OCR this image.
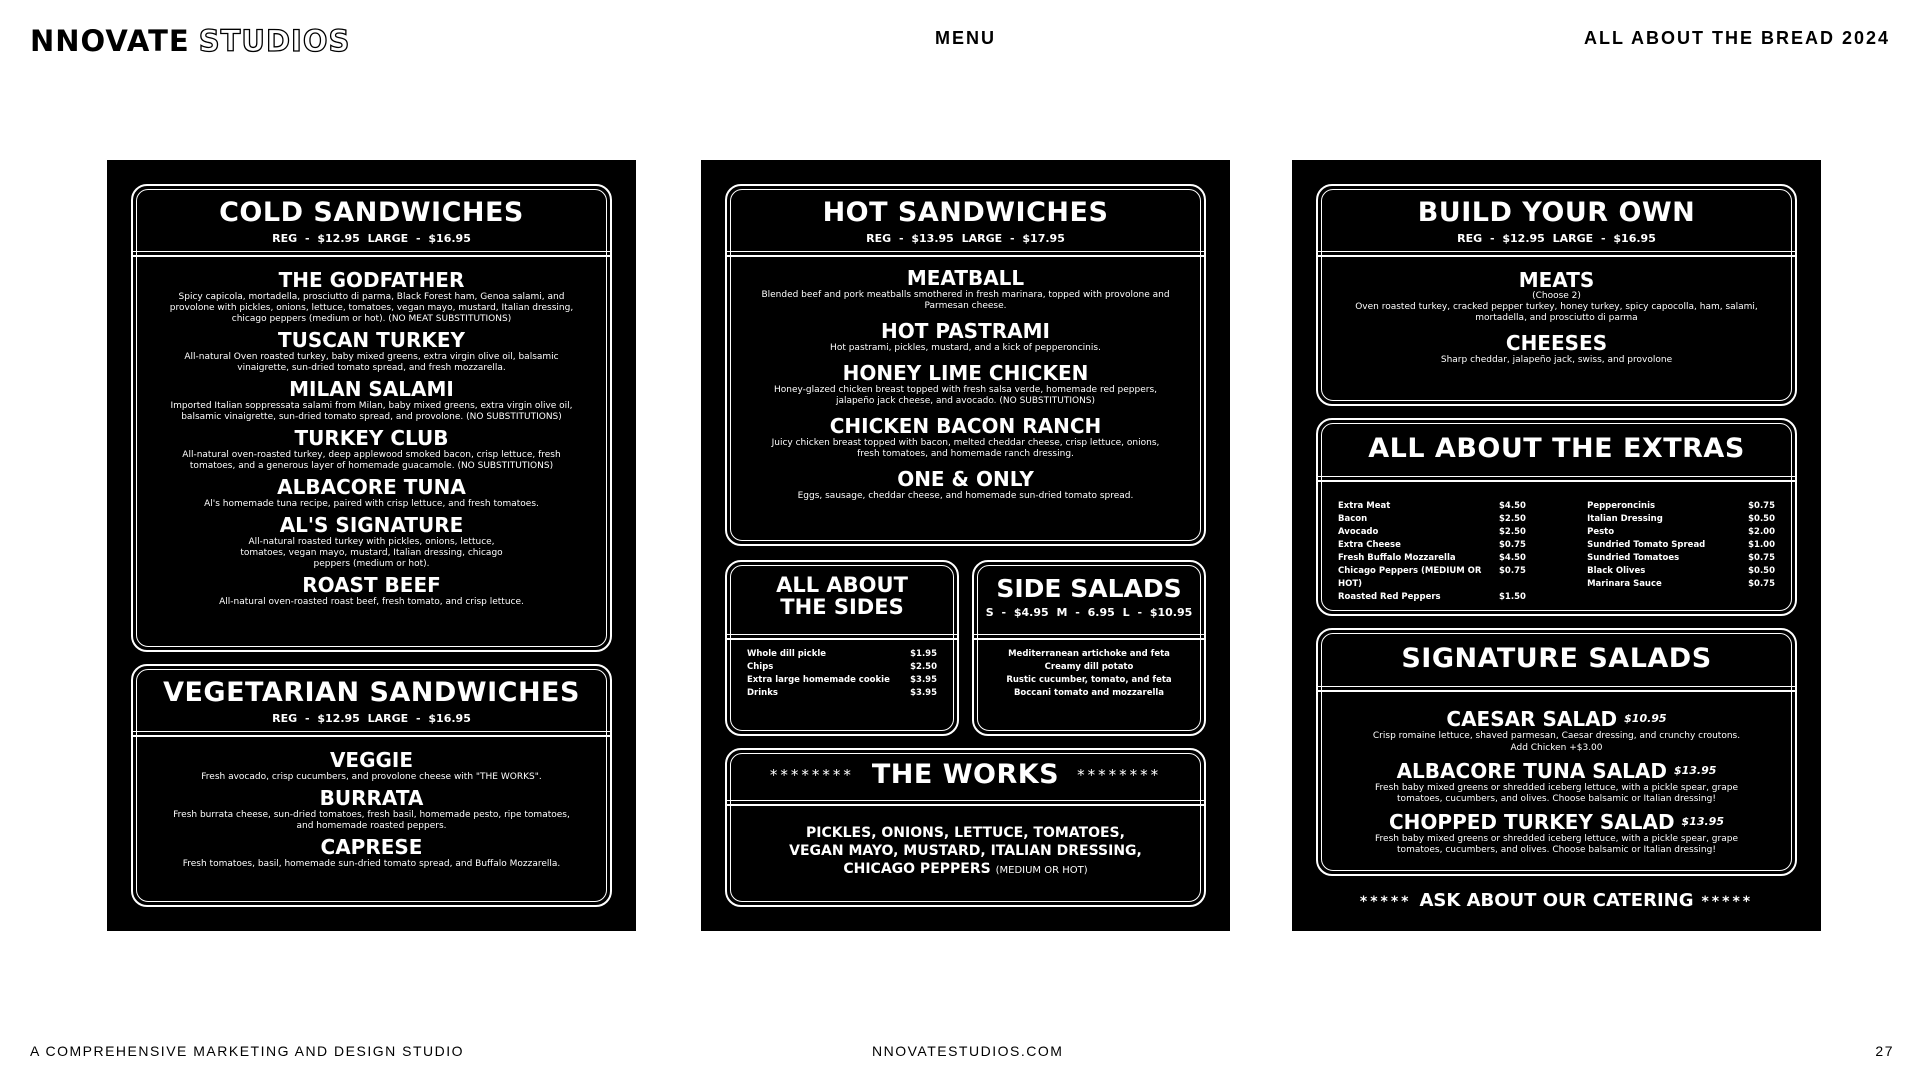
NNOVATE STUDIOS	MENU	ALL ABOUT THE BREAD 2024
COLD SANDWICHES
REG - $12.95 LARGE - $16.95
THE GODFATHER
Spicy capicola, mortadella, prosciutto di parma, Black Forest ham, Genoa salami, and provolone with pickles, onions, lettuce, tomatoes, vegan mayo, mustard, Italian dressing, chicago peppers (medium or hot). (NO MEAT SUBSTITUTIONS)
TUSCAN TURKEY
All-natural Oven roasted turkey, baby mixed greens, extra virgin olive oil, balsamic vinaigrette, sun-dried tomato spread, and fresh mozzarella.
MILAN SALAMI
Imported Italian soppressata salami from Milan, baby mixed greens, extra virgin olive oil, balsamic vinaigrette, sun-dried tomato spread, and provolone. (NO SUBSTITUTIONS)
TURKEY CLUB
All-natural oven-roasted turkey, deep applewood smoked bacon, crisp lettuce, fresh tomatoes, and a generous layer of homemade guacamole. (NO SUBSTITUTIONS)
ALBACORE TUNA
Al's homemade tuna recipe, paired with crisp lettuce, and fresh tomatoes.
AL'S SIGNATURE
All-natural roasted turkey with pickles, onions, lettuce, tomatoes, vegan mayo, mustard, Italian dressing, chicago peppers (medium or hot).
ROAST BEEF
All-natural oven-roasted roast beef, fresh tomato, and crisp lettuce.
VEGETARIAN SANDWICHES
REG - $12.95 LARGE - $16.95
VEGGIE
Fresh avocado, crisp cucumbers, and provolone cheese with "THE WORKS".
BURRATA
Fresh burrata cheese, sun-dried tomatoes, fresh basil, homemade pesto, ripe tomatoes, and homemade roasted peppers.
CAPRESE
Fresh tomatoes, basil, homemade sun-dried tomato spread, and Buffalo Mozzarella.
HOT SANDWICHES
REG - $13.95 LARGE - $17.95
MEATBALL
Blended beef and pork meatballs smothered in fresh marinara, topped with provolone and Parmesan cheese.
HOT PASTRAMI
Hot pastrami, pickles, mustard, and a kick of pepperoncinis.
HONEY LIME CHICKEN
Honey-glazed chicken breast topped with fresh salsa verde, homemade red peppers, jalapeño jack cheese, and avocado. (NO SUBSTITUTIONS)
CHICKEN BACON RANCH
Juicy chicken breast topped with bacon, melted cheddar cheese, crisp lettuce, onions, fresh tomatoes, and homemade ranch dressing.
ONE & ONLY
Eggs, sausage, cheddar cheese, and homemade sun-dried tomato spread.
ALL ABOUT
THE SIDES
Whole dill pickle	$1.95
Chips	$2.50
Extra large homemade cookie $3.95
Drinks	$3.95
SIDE SALADS
S - $4.95 M - 6.95 L - $10.95
Mediterranean artichoke and feta
Creamy dill potato
Rustic cucumber, tomato, and feta
Boccani tomato and mozzarella
******** THE WORKS ********
PICKLES, ONIONS, LETTUCE, TOMATOES,
VEGAN MAYO, MUSTARD, ITALIAN DRESSING,
CHICAGO PEPPERS (MEDIUM OR HOT)
BUILD YOUR OWN
REG - $12.95 LARGE - $16.95
MEATS
(Choose 2)
Oven roasted turkey, cracked pepper turkey, honey turkey, spicy capocolla, ham, salami, mortadella, and prosciutto di parma
CHEESES
Sharp cheddar, jalapeño jack, swiss, and provolone
ALL ABOUT THE EXTRAS
Extra Meat	$4.50
Bacon	$2.50
Avocado	$2.50
Extra Cheese	$0.75
Fresh Buffalo Mozzarella	$4.50
Chicago Peppers (MEDIUM OR HOT)
$0.75
Roasted Red Peppers	$1.50
Pepperoncinis	$0.75
Italian Dressing	$0.50
Pesto	$2.00
Sundried Tomato Spread	$1.00
Sundried Tomatoes	$0.75
Black Olives	$0.50
Marinara Sauce	$0.75
SIGNATURE SALADS
CAESAR SALAD $^{\$10.95}$
Crisp romaine lettuce, shaved parmesan, Caesar dressing, and crunchy croutons.
Add Chicken +$3.00
ALBACORE TUNA SALAD $^{\$13.95}$
Fresh baby mixed greens or shredded iceberg lettuce, with a pickle spear, grape tomatoes, cucumbers, and olives. Choose balsamic or Italian dressing!
CHOPPED TURKEY SALAD $^{\$13.95}$
Fresh baby mixed greens or shredded iceberg lettuce, with a pickle spear, grape tomatoes, cucumbers, and olives. Choose balsamic or Italian dressing!
***** ASK ABOUT OUR CATERING *****
A COMPREHENSIVE MARKETING AND DESIGN STUDIO	NNOVATESTUDIOS.COM	27
